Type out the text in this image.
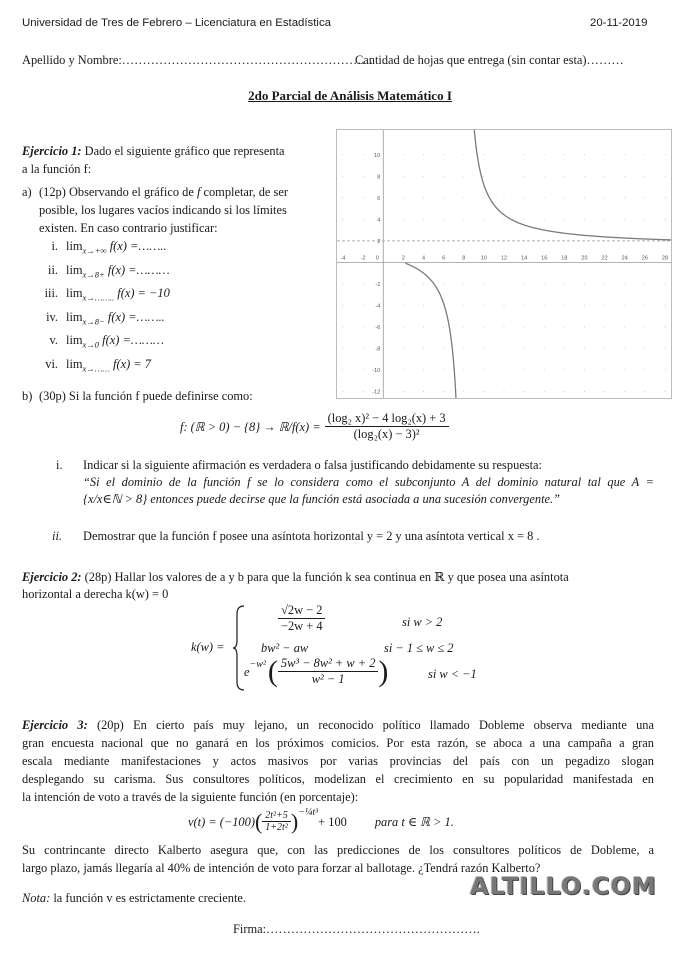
Universidad de Tres de Febrero – Licenciatura en Estadística	20-11-2019
Apellido y Nombre:…………………………………………………….
Cantidad de hojas que entrega (sin contar esta)………
2do Parcial de Análisis Matemático I
Ejercicio 1: Dado el siguiente gráfico que representa
a la función f:
a) (12p) Observando el gráfico de f completar, de ser
posible, los lugares vacíos indicando si los límites
existen. En caso contrario justificar:
i. $\lim_{x\to+\infty} f(x)$ =……..
ii. $\lim_{x\to 8+} f(x)$ =………
iii. $\lim_{x\to\dots\dots..} f(x) = -10$
iv. $\lim_{x\to 8-} f(x)$ =……..
v. $\lim_{x\to 0} f(x)$ =………
vi. $\lim_{x\to\dots\dots} f(x) = 7$
b) (30p) Si la función f puede definirse como:
f: (ℝ > 0) − {8} → ℝ/f(x) = $\frac{\text{(log₂ x)² − 4 log₂(x) + 3}}{\text{(log₂(x) − 3)²}}$
i. Indicar si la siguiente afirmación es verdadera o falsa justificando debidamente su respuesta:
“Si el dominio de la función f se lo considera como el subconjunto A del dominio natural tal que A =
{x/x∈ℕ > 8} entonces puede decirse que la función está asociada a una sucesión convergente.”
ii. Demostrar que la función f posee una asíntota horizontal y = 2 y una asíntota vertical x = 8 .
-4	-2 0	2	4	6	8	10	12	14	16	18	20	22	24	26	28
10
8
6
4
2
-2
-4
-6
-8
-10
-12
Ejercicio 2: (28p) Hallar los valores de a y b para que la función k sea continua en ℝ y que posea una asíntota
horizontal a derecha k(w) = 0
k(w) =
$\frac{√2w - 2}{-2w + 4}$	si w > 2
bw² − aw	si − 1 ≤ w ≤ 2
e
$^{-w^2}$ ( $\frac{\text{5w³ − 8w² + w + 2}}{\text{w² − 1}}$ )	si w < −1
Ejercicio 3: (20p) En cierto país muy lejano, un reconocido político llamado Dobleme observa mediante una
gran encuesta nacional que no ganará en los próximos comicios. Por esta razón, se aboca a una campaña a gran
escala mediante manifestaciones y actos masivos por varias provincias del país con un pegadizo slogan
desplegando su carisma. Sus consultores políticos, modelizan el crecimiento en su popularidad manifestada en
la intención de voto a través de la siguiente función (en porcentaje):
v(t) = (−100) ( $\frac{\text{2t²+5}}{\text{1+2t²}} )^{-\frac{1}{4}t^3}$
+ 100 para t ∈ ℝ > 1.
Su contrincante directo Kalberto asegura que, con las predicciones de los consultores políticos de Dobleme, a
largo plazo, jamás llegaría al 40% de intención de voto para forzar al ballotage. ¿Tendrá razón Kalberto?
Nota: la función v es estrictamente creciente.	ALTILLO.COM
Firma:…………………………………………….
